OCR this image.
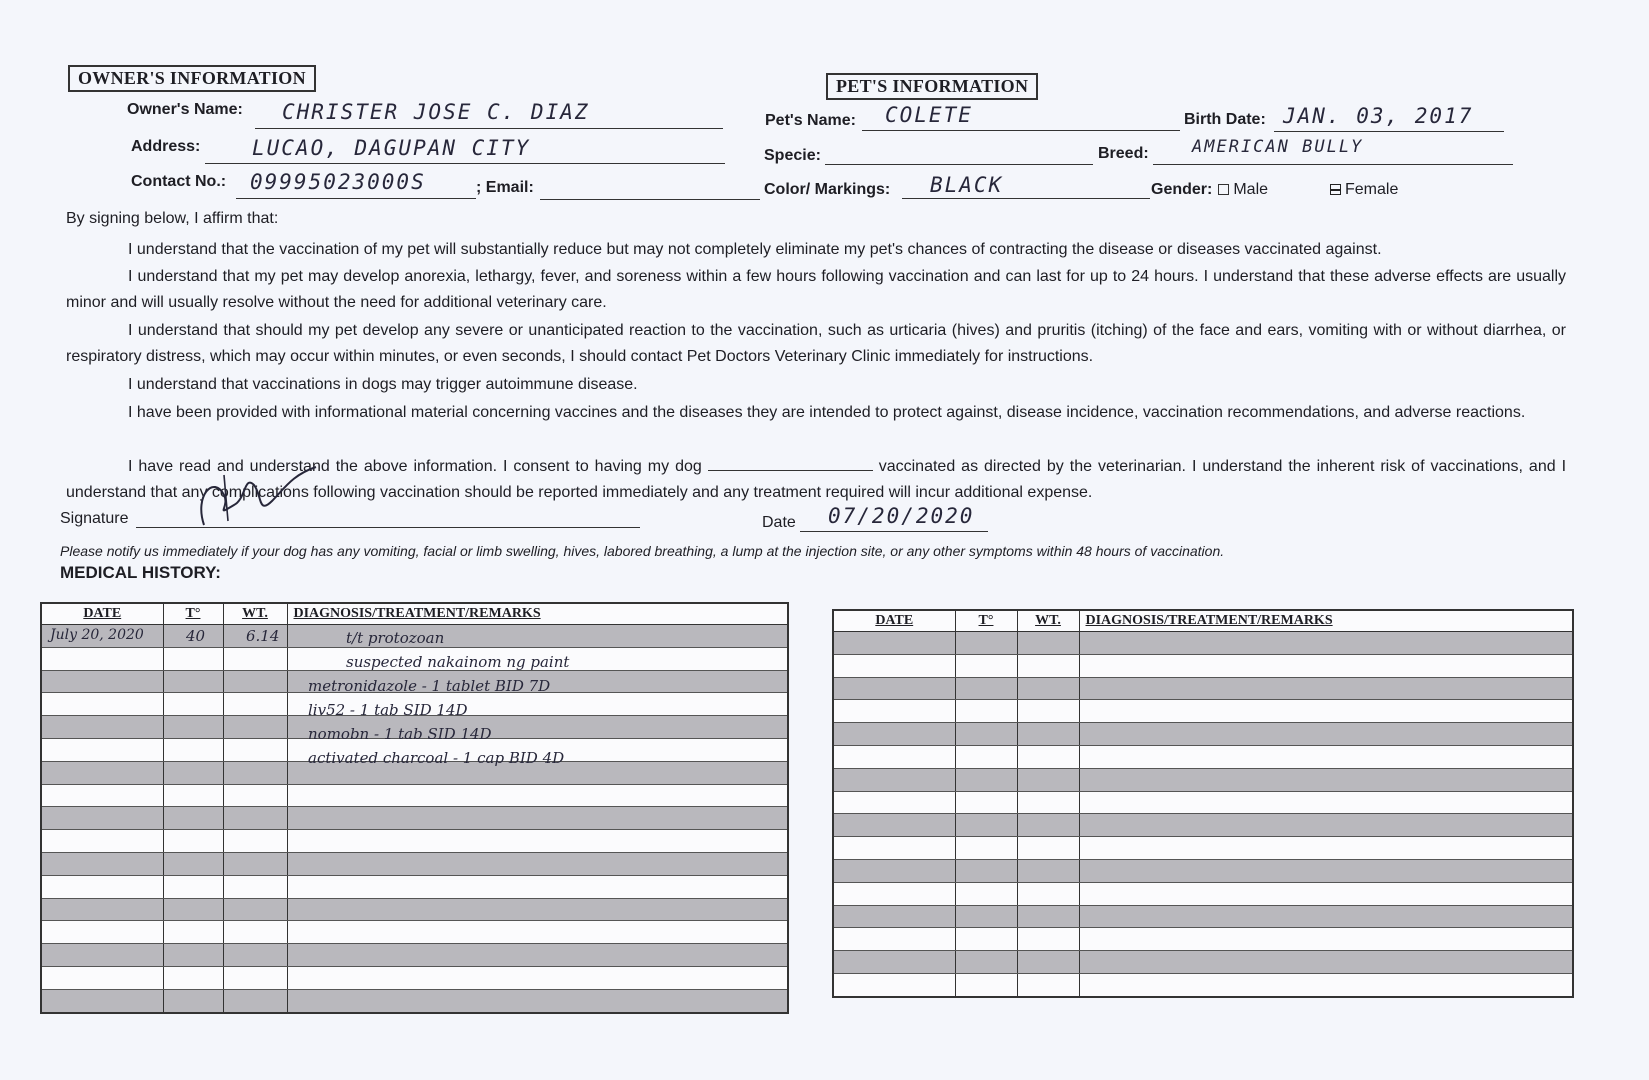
OWNER'S INFORMATION
Owner's Name: CHRISTER JOSE C. DIAZ
Address: LUCAO, DAGUPAN CITY
Contact No.: 09995023000S	; Email:
PET'S INFORMATION
Pet's Name: COLETE	Birth Date: JAN. 03, 2017
Specie:	Breed:	AMERICAN BULLY
Color/ Markings: BLACK	Gender: Male	Female
By signing below, I affirm that:
I understand that the vaccination of my pet will substantially reduce but may not completely eliminate my pet's chances of contracting the disease or diseases vaccinated against.
I understand that my pet may develop anorexia, lethargy, fever, and soreness within a few hours following vaccination and can last for up to 24 hours. I understand that these adverse effects are usually minor and will usually resolve without the need for additional veterinary care.
I understand that should my pet develop any severe or unanticipated reaction to the vaccination, such as urticaria (hives) and pruritis (itching) of the face and ears, vomiting with or without diarrhea, or respiratory distress, which may occur within minutes, or even seconds, I should contact Pet Doctors Veterinary Clinic immediately for instructions.
I understand that vaccinations in dogs may trigger autoimmune disease.
I have been provided with informational material concerning vaccines and the diseases they are intended to protect against, disease incidence, vaccination recommendations, and adverse reactions.
I have read and understand the above information. I consent to having my dog	vaccinated as directed by the veterinarian. I understand the inherent risk of vaccinations, and I understand that any complications following vaccination should be reported immediately and any treatment required will incur additional expense.
Signature	Date 07/20/2020
Please notify us immediately if your dog has any vomiting, facial or limb swelling, hives, labored breathing, a lump at the injection site, or any other symptoms within 48 hours of vaccination.
MEDICAL HISTORY:
DATE	T°	WT.	DIAGNOSIS/TREATMENT/REMARKS

July 20, 2020	40	6.14	t/t protozoan
suspected nakainom ng paint
metronidazole - 1 tablet BID 7D
liv52 - 1 tab SID 14D
nomobn - 1 tab SID 14D
activated charcoal - 1 cap BID 4D
DATE	T°	WT.	DIAGNOSIS/TREATMENT/REMARKS
